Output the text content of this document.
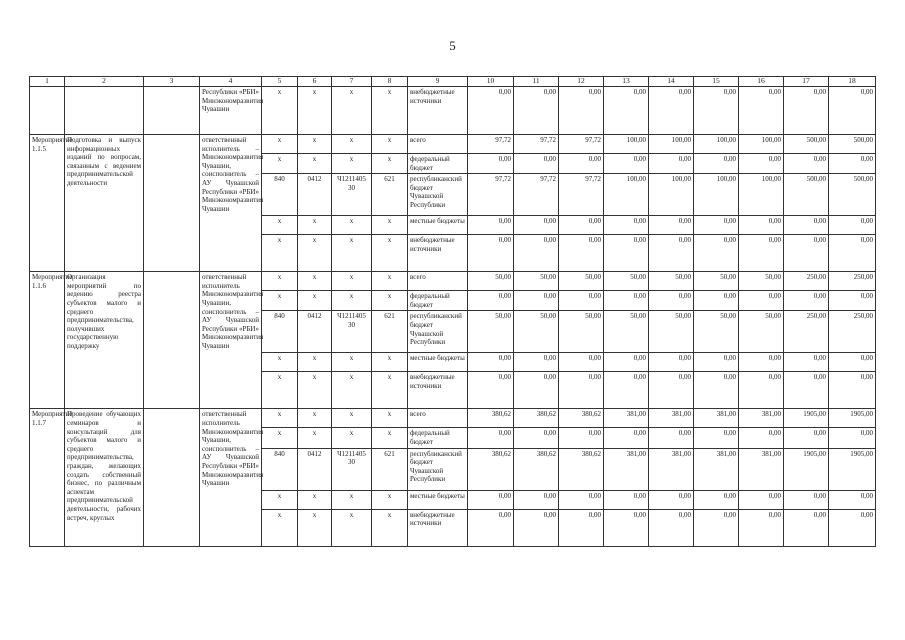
5
1	2	3	4	5	6	7	8	9	10	11	12	13	14	15	16	17	18
			Республики «РБИ» Минэкономразвития Чувашии	x	x	x	x	внебюджетные источники	0,00	0,00	0,00	0,00	0,00	0,00	0,00	0,00	0,00
Мероприятие 1.1.5	Подготовка и выпуск информационных изданий по вопросам, связанным с ведением предпринимательской деятельности		ответственный исполнитель – Минэкономразвития Чувашии, соисполнитель – АУ Чувашской Республики «РБИ» Минэкономразвития Чувашии	x	x	x	x	всего	97,72	97,72	97,72	100,00	100,00	100,00	100,00	500,00	500,00
				x	x	x	x	федеральный бюджет	0,00	0,00	0,00	0,00	0,00	0,00	0,00	0,00	0,00
				840	0412	Ч1211405 30	621	республиканский бюджет Чувашской Республики	97,72	97,72	97,72	100,00	100,00	100,00	100,00	500,00	500,00
				x	x	x	x	местные бюджеты	0,00	0,00	0,00	0,00	0,00	0,00	0,00	0,00	0,00
				x	x	x	x	внебюджетные источники	0,00	0,00	0,00	0,00	0,00	0,00	0,00	0,00	0,00
Мероприятие 1.1.6	Организация мероприятий по ведению реестра субъектов малого и среднего предпринимательства, получивших государственную поддержку		ответственный исполнитель Минэкономразвития Чувашии, соисполнитель – АУ Чувашской Республики «РБИ» Минэкономразвития Чувашии	x	x	x	x	всего	50,00	50,00	50,00	50,00	50,00	50,00	50,00	250,00	250,00
				x	x	x	x	федеральный бюджет	0,00	0,00	0,00	0,00	0,00	0,00	0,00	0,00	0,00
				840	0412	Ч1211405 30	621	республиканский бюджет Чувашской Республики	50,00	50,00	50,00	50,00	50,00	50,00	50,00	250,00	250,00
				x	x	x	x	местные бюджеты	0,00	0,00	0,00	0,00	0,00	0,00	0,00	0,00	0,00
				x	x	x	x	внебюджетные источники	0,00	0,00	0,00	0,00	0,00	0,00	0,00	0,00	0,00
Мероприятие 1.1.7	Проведение обучающих семинаров и консультаций для субъектов малого и среднего предпринимательства, граждан, желающих создать собственный бизнес, по различным аспектам предпринимательской деятельности, рабочих встреч, круглых		ответственный исполнитель Минэкономразвития Чувашии, соисполнитель – АУ Чувашской Республики «РБИ» Минэкономразвития Чувашии	x	x	x	x	всего	380,62	380,62	380,62	381,00	381,00	381,00	381,00	1905,00	1905,00
				x	x	x	x	федеральный бюджет	0,00	0,00	0,00	0,00	0,00	0,00	0,00	0,00	0,00
				840	0412	Ч1211405 30	621	республиканский бюджет Чувашской Республики	380,62	380,62	380,62	381,00	381,00	381,00	381,00	1905,00	1905,00
				x	x	x	x	местные бюджеты	0,00	0,00	0,00	0,00	0,00	0,00	0,00	0,00	0,00
				x	x	x	x	внебюджетные источники	0,00	0,00	0,00	0,00	0,00	0,00	0,00	0,00	0,00
